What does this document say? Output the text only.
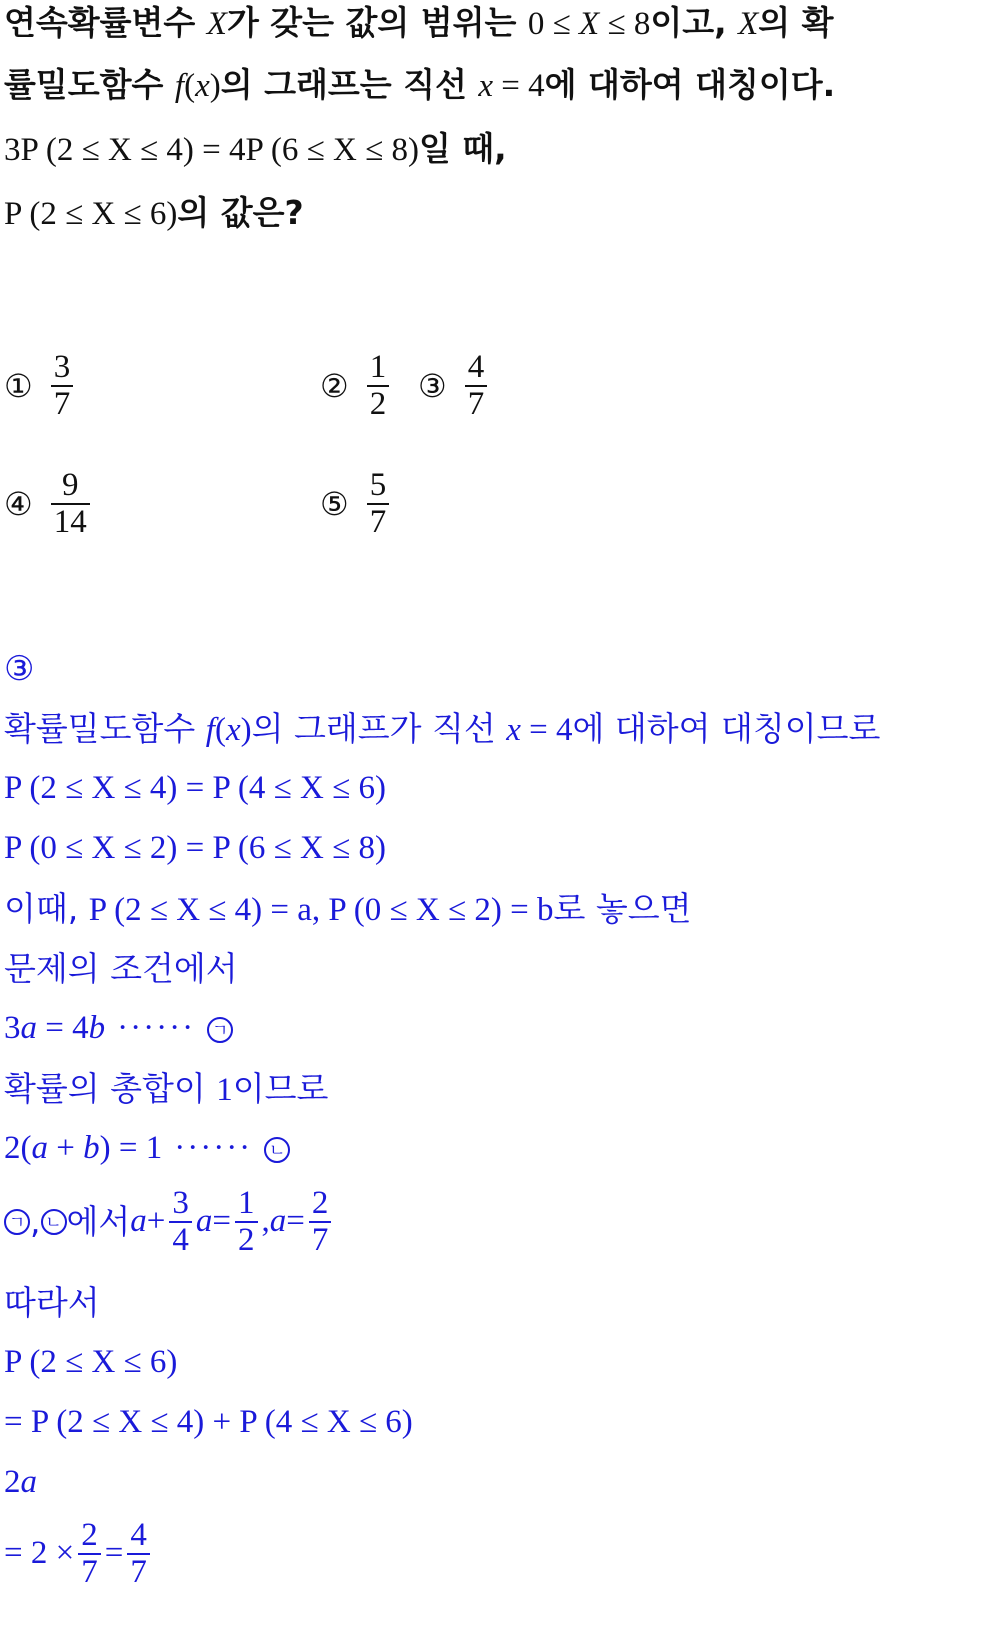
연속확률변수 X가 갖는 값의 범위는 0 ≤ X ≤ 8이고, X의 확
률밀도함수 f(x)의 그래프는 직선 x = 4에 대하여 대칭이다.
3P (2 ≤ X ≤ 4) = 4P (6 ≤ X ≤ 8)일 때,
P (2 ≤ X ≤ 6)의 값은?
① $\frac{3}{7}$	② $\frac{1}{2}$ ③ $\frac{4}{7}$
④ $\frac{9}{14}$	⑤ $\frac{5}{7}$
③
확률밀도함수 f(x)의 그래프가 직선 x = 4에 대하여 대칭이므로
P (2 ≤ X ≤ 4) = P (4 ≤ X ≤ 6)
P (0 ≤ X ≤ 2) = P (6 ≤ X ≤ 8)
이때, P (2 ≤ X ≤ 4) = a, P (0 ≤ X ≤ 2) = b로 놓으면
문제의 조건에서
3a = 4b ······ ㄱ
확률의 총합이 1이므로
2(a + b) = 1 ······ ㄴ
ㄱ , ㄴ 에서 $a + \frac{3}{4}$ $a = \frac{1}{2}$ , $a = \frac{2}{7}$
따라서
P (2 ≤ X ≤ 6)
= P (2 ≤ X ≤ 4) + P (4 ≤ X ≤ 6)
2a
= $2 \times \frac{2}{7} = \frac{4}{7}$
